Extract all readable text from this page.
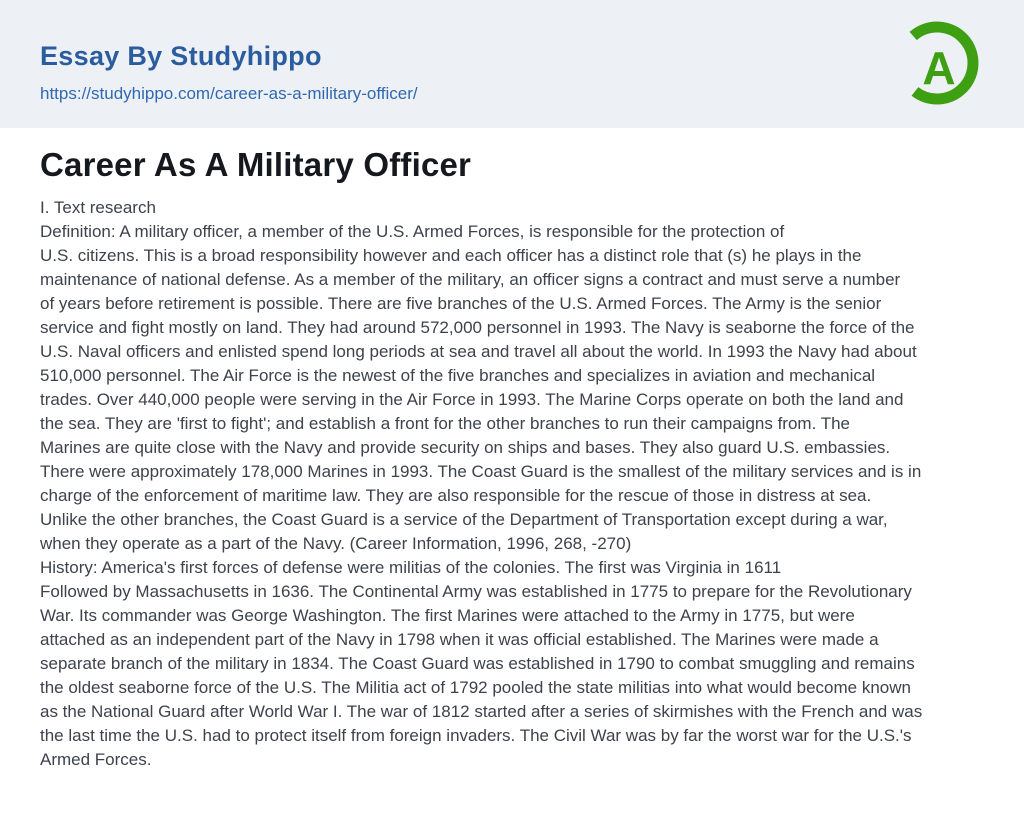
Essay By Studyhippo
https://studyhippo.com/career-as-a-military-officer/	A
Career As A Military Officer
I. Text research
Definition: A military officer, a member of the U.S. Armed Forces, is responsible for the protection of
U.S. citizens. This is a broad responsibility however and each officer has a distinct role that (s) he plays in the
maintenance of national defense. As a member of the military, an officer signs a contract and must serve a number
of years before retirement is possible. There are five branches of the U.S. Armed Forces. The Army is the senior
service and fight mostly on land. They had around 572,000 personnel in 1993. The Navy is seaborne the force of the
U.S. Naval officers and enlisted spend long periods at sea and travel all about the world. In 1993 the Navy had about
510,000 personnel. The Air Force is the newest of the five branches and specializes in aviation and mechanical
trades. Over 440,000 people were serving in the Air Force in 1993. The Marine Corps operate on both the land and
the sea. They are 'first to fight'; and establish a front for the other branches to run their campaigns from. The
Marines are quite close with the Navy and provide security on ships and bases. They also guard U.S. embassies.
There were approximately 178,000 Marines in 1993. The Coast Guard is the smallest of the military services and is in
charge of the enforcement of maritime law. They are also responsible for the rescue of those in distress at sea.
Unlike the other branches, the Coast Guard is a service of the Department of Transportation except during a war,
when they operate as a part of the Navy. (Career Information, 1996, 268, -270)
History: America's first forces of defense were militias of the colonies. The first was Virginia in 1611
Followed by Massachusetts in 1636. The Continental Army was established in 1775 to prepare for the Revolutionary
War. Its commander was George Washington. The first Marines were attached to the Army in 1775, but were
attached as an independent part of the Navy in 1798 when it was official established. The Marines were made a
separate branch of the military in 1834. The Coast Guard was established in 1790 to combat smuggling and remains
the oldest seaborne force of the U.S. The Militia act of 1792 pooled the state militias into what would become known
as the National Guard after World War I. The war of 1812 started after a series of skirmishes with the French and was
the last time the U.S. had to protect itself from foreign invaders. The Civil War was by far the worst war for the U.S.'s
Armed Forces.
